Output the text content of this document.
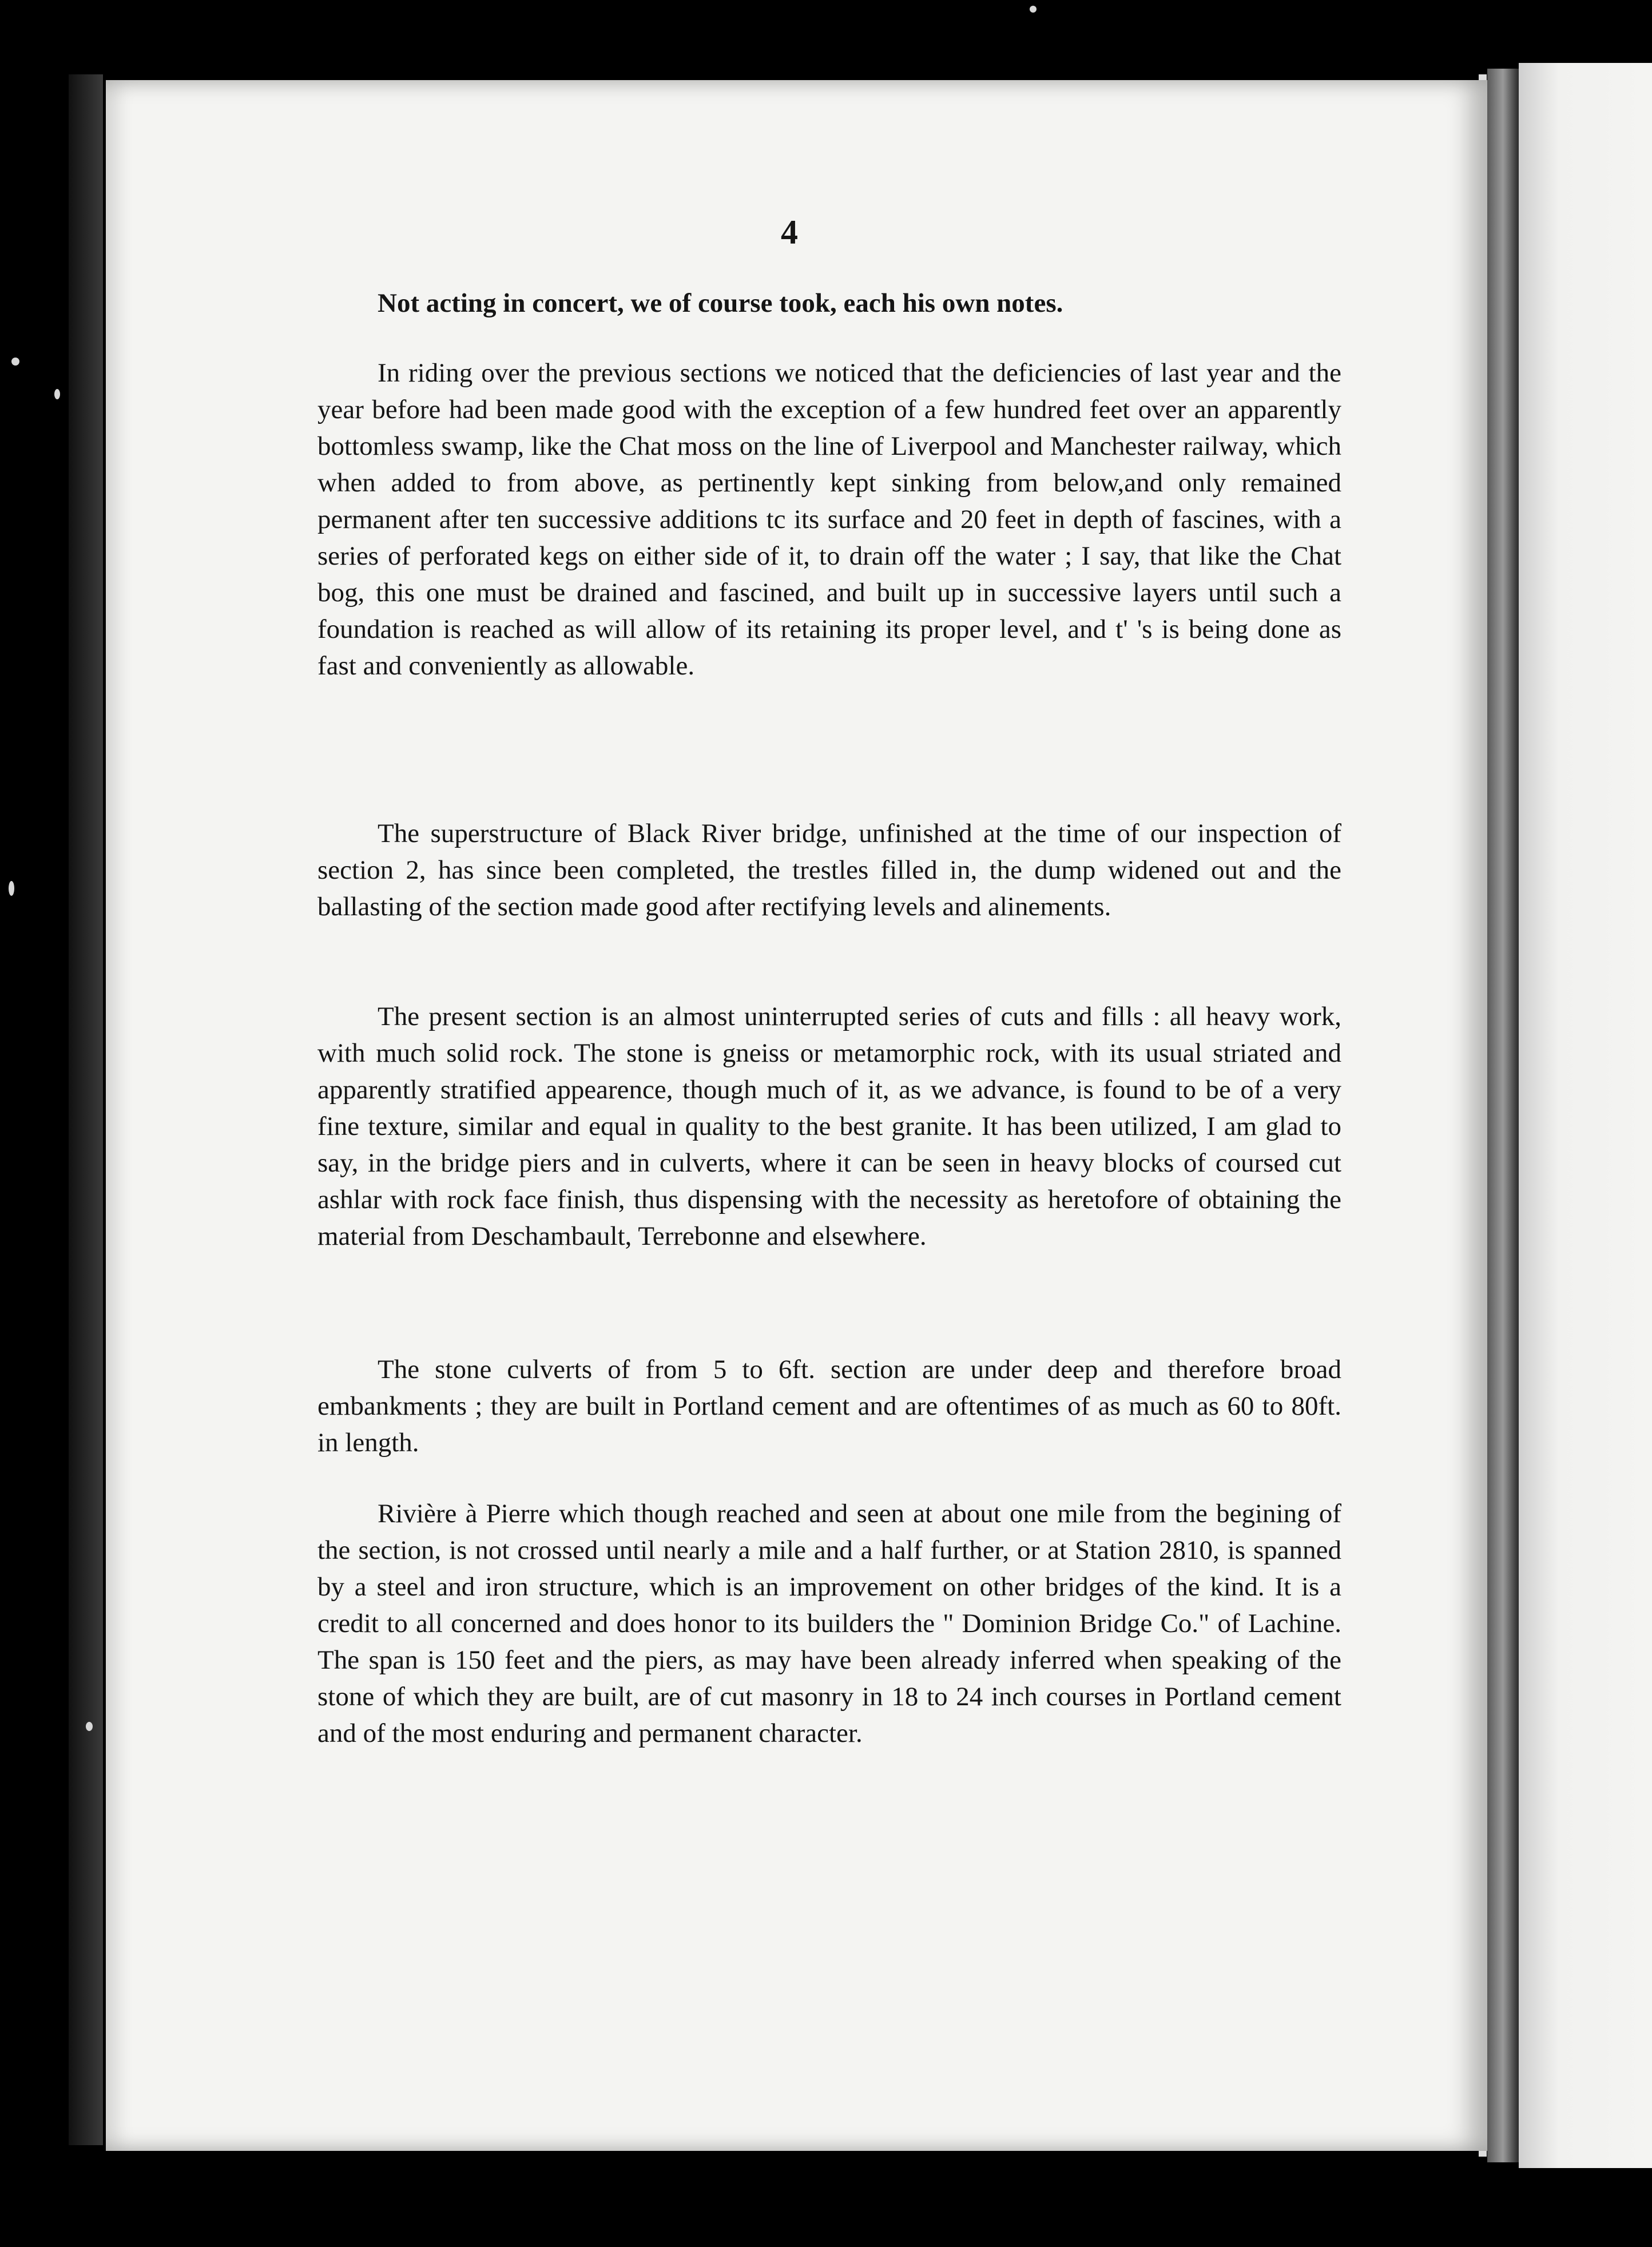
4
Not acting in concert, we of course took, each his own notes.
In riding over the previous sections we noticed that the deficiencies of last year and the year before had been made good with the exception of a few hundred feet over an apparently bottomless swamp, like the Chat moss on the line of Liverpool and Manchester railway, which when added to from above, as pertinently kept sinking from below,and only remained permanent after ten successive additions tc its surface and 20 feet in depth of fascines, with a series of perforated kegs on either side of it, to drain off the water ; I say, that like the Chat bog, this one must be drained and fascined, and built up in successive layers until such a foundation is reached as will allow of its retaining its proper level, and t' 's is being done as fast and conveniently as allowable.
The superstructure of Black River bridge, unfinished at the time of our inspection of section 2, has since been completed, the trestles filled in, the dump widened out and the ballasting of the section made good after rectifying levels and alinements.
The present section is an almost uninterrupted series of cuts and fills : all heavy work, with much solid rock. The stone is gneiss or metamorphic rock, with its usual striated and apparently stratified appearence, though much of it, as we advance, is found to be of a very fine texture, similar and equal in quality to the best granite. It has been utilized, I am glad to say, in the bridge piers and in culverts, where it can be seen in heavy blocks of coursed cut ashlar with rock face finish, thus dispensing with the necessity as heretofore of obtaining the material from Deschambault, Terrebonne and elsewhere.
The stone culverts of from 5 to 6ft. section are under deep and therefore broad embankments ; they are built in Portland cement and are oftentimes of as much as 60 to 80ft. in length.
Rivière à Pierre which though reached and seen at about one mile from the begining of the section, is not crossed until nearly a mile and a half further, or at Station 2810, is spanned by a steel and iron structure, which is an improvement on other bridges of the kind. It is a credit to all concerned and does honor to its builders the " Dominion Bridge Co." of Lachine. The span is 150 feet and the piers, as may have been already inferred when speaking of the stone of which they are built, are of cut masonry in 18 to 24 inch courses in Portland cement and of the most enduring and permanent character.
